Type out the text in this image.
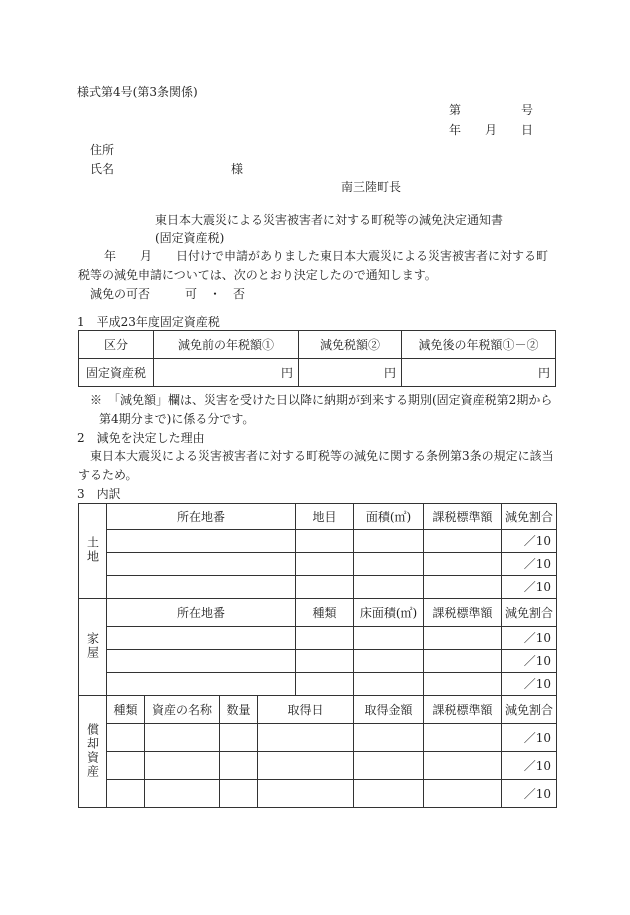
様式第4号(第3条関係)
第　　　　　号
年　　月　　日
住所
氏名	様
南三陸町長
東日本大震災による災害被害者に対する町税等の減免決定通知書
(固定資産税)
　　年　　月　　日付けで申請がありました東日本大震災による災害被害者に対する町
税等の減免申請については、次のとおり決定したので通知します。
減免の可否	可　・　否
1　平成23年度固定資産税
区分	減免前の年税額①	減免税額②	減免後の年税額①－②
固定資産税	円	円	円
※　「減免額」欄は、災害を受けた日以降に納期が到来する期別(固定資産税第2期から
第4期分まで)に係る分です。
2　減免を決定した理由
東日本大震災による災害被害者に対する町税等の減免に関する条例第3条の規定に該当
するため。
3　内訳
土地	所在地番				地目	面積(㎡)	課税標準額	減免割合
								／10
								／10
								／10
家屋	所在地番				種類	床面積(㎡)	課税標準額	減免割合
								／10
								／10
								／10
償却資産	種類	資産の名称	数量	取得日		取得金額	課税標準額	減免割合
								／10
								／10
								／10
